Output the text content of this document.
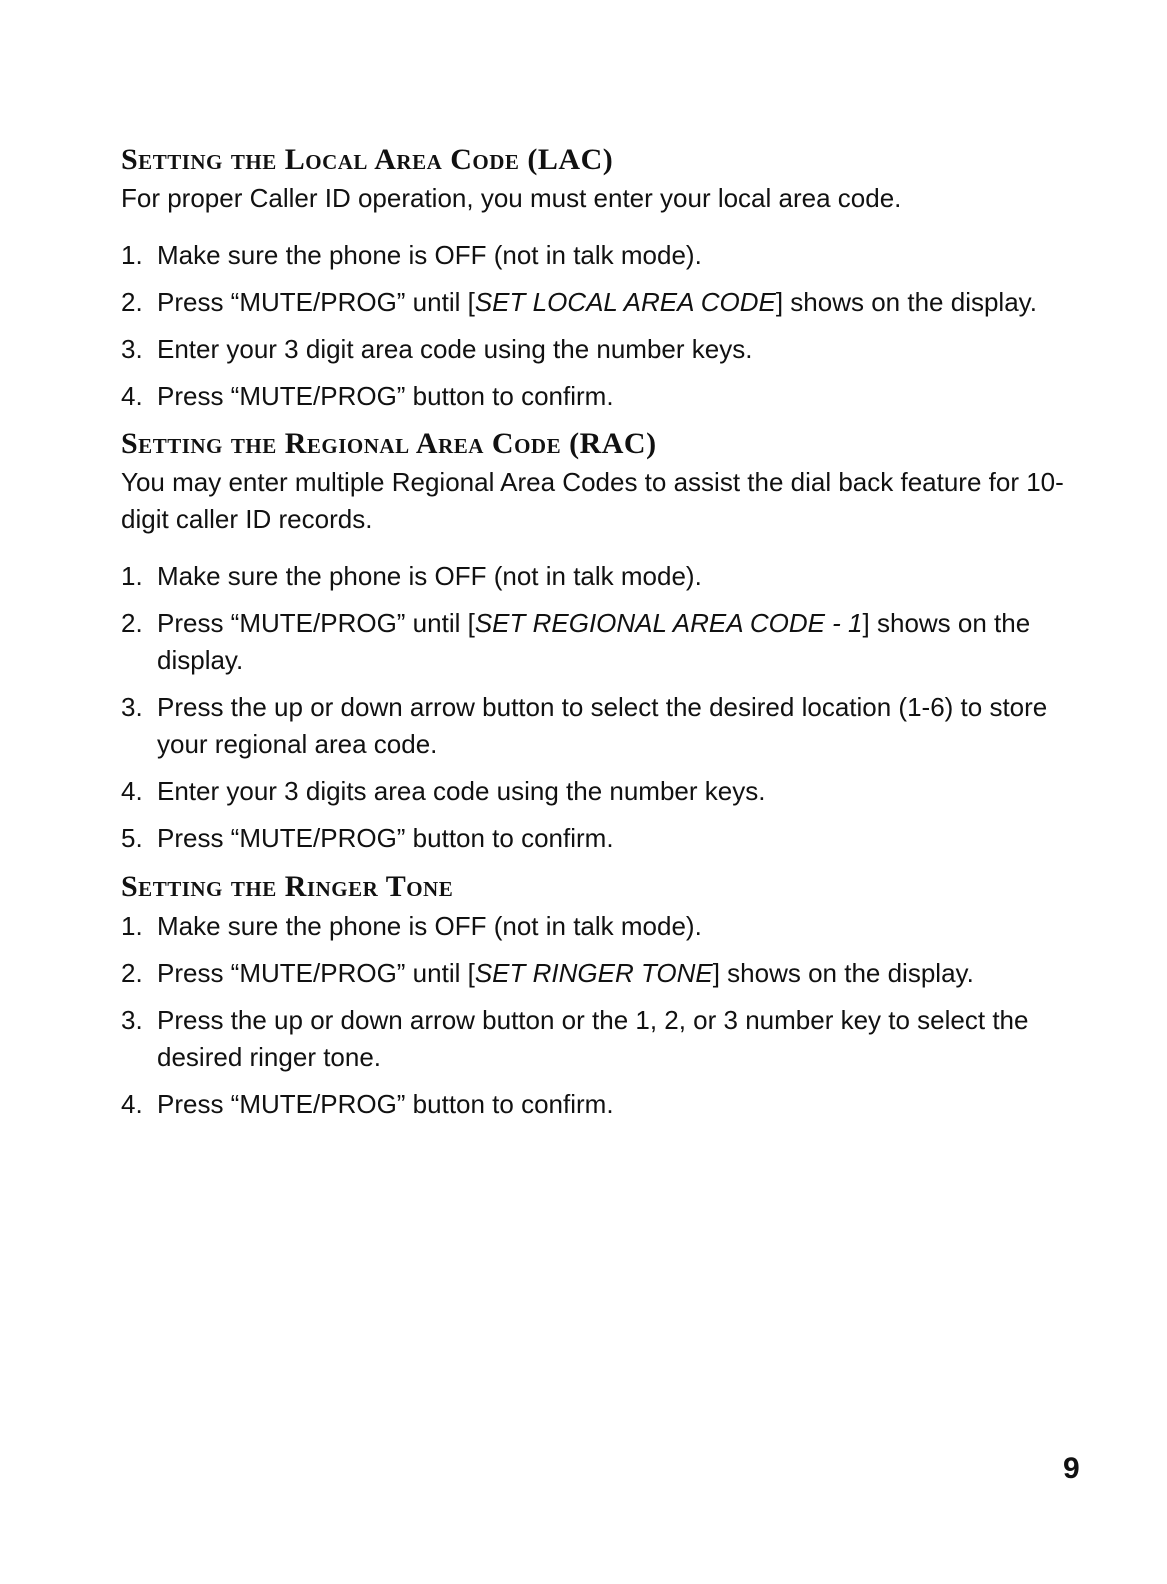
Setting the Local Area Code (LAC)

For proper Caller ID operation, you must enter your local area code.

1. Make sure the phone is OFF (not in talk mode).
2. Press “MUTE/PROG” until [SET LOCAL AREA CODE] shows on the display.
3. Enter your 3 digit area code using the number keys.
4. Press “MUTE/PROG” button to confirm.
Setting the Regional Area Code (RAC)

You may enter multiple Regional Area Codes to assist the dial back feature for 10-digit caller ID records.

1. Make sure the phone is OFF (not in talk mode).
2. Press “MUTE/PROG” until [SET REGIONAL AREA CODE - 1] shows on the display.
3. Press the up or down arrow button to select the desired location (1-6) to store your regional area code.
4. Enter your 3 digits area code using the number keys.
5. Press “MUTE/PROG” button to confirm.
Setting the Ringer Tone
1. Make sure the phone is OFF (not in talk mode).
2. Press “MUTE/PROG” until [SET RINGER TONE] shows on the display.
3. Press the up or down arrow button or the 1, 2, or 3 number key to select the desired ringer tone.
4. Press “MUTE/PROG” button to confirm.
9
